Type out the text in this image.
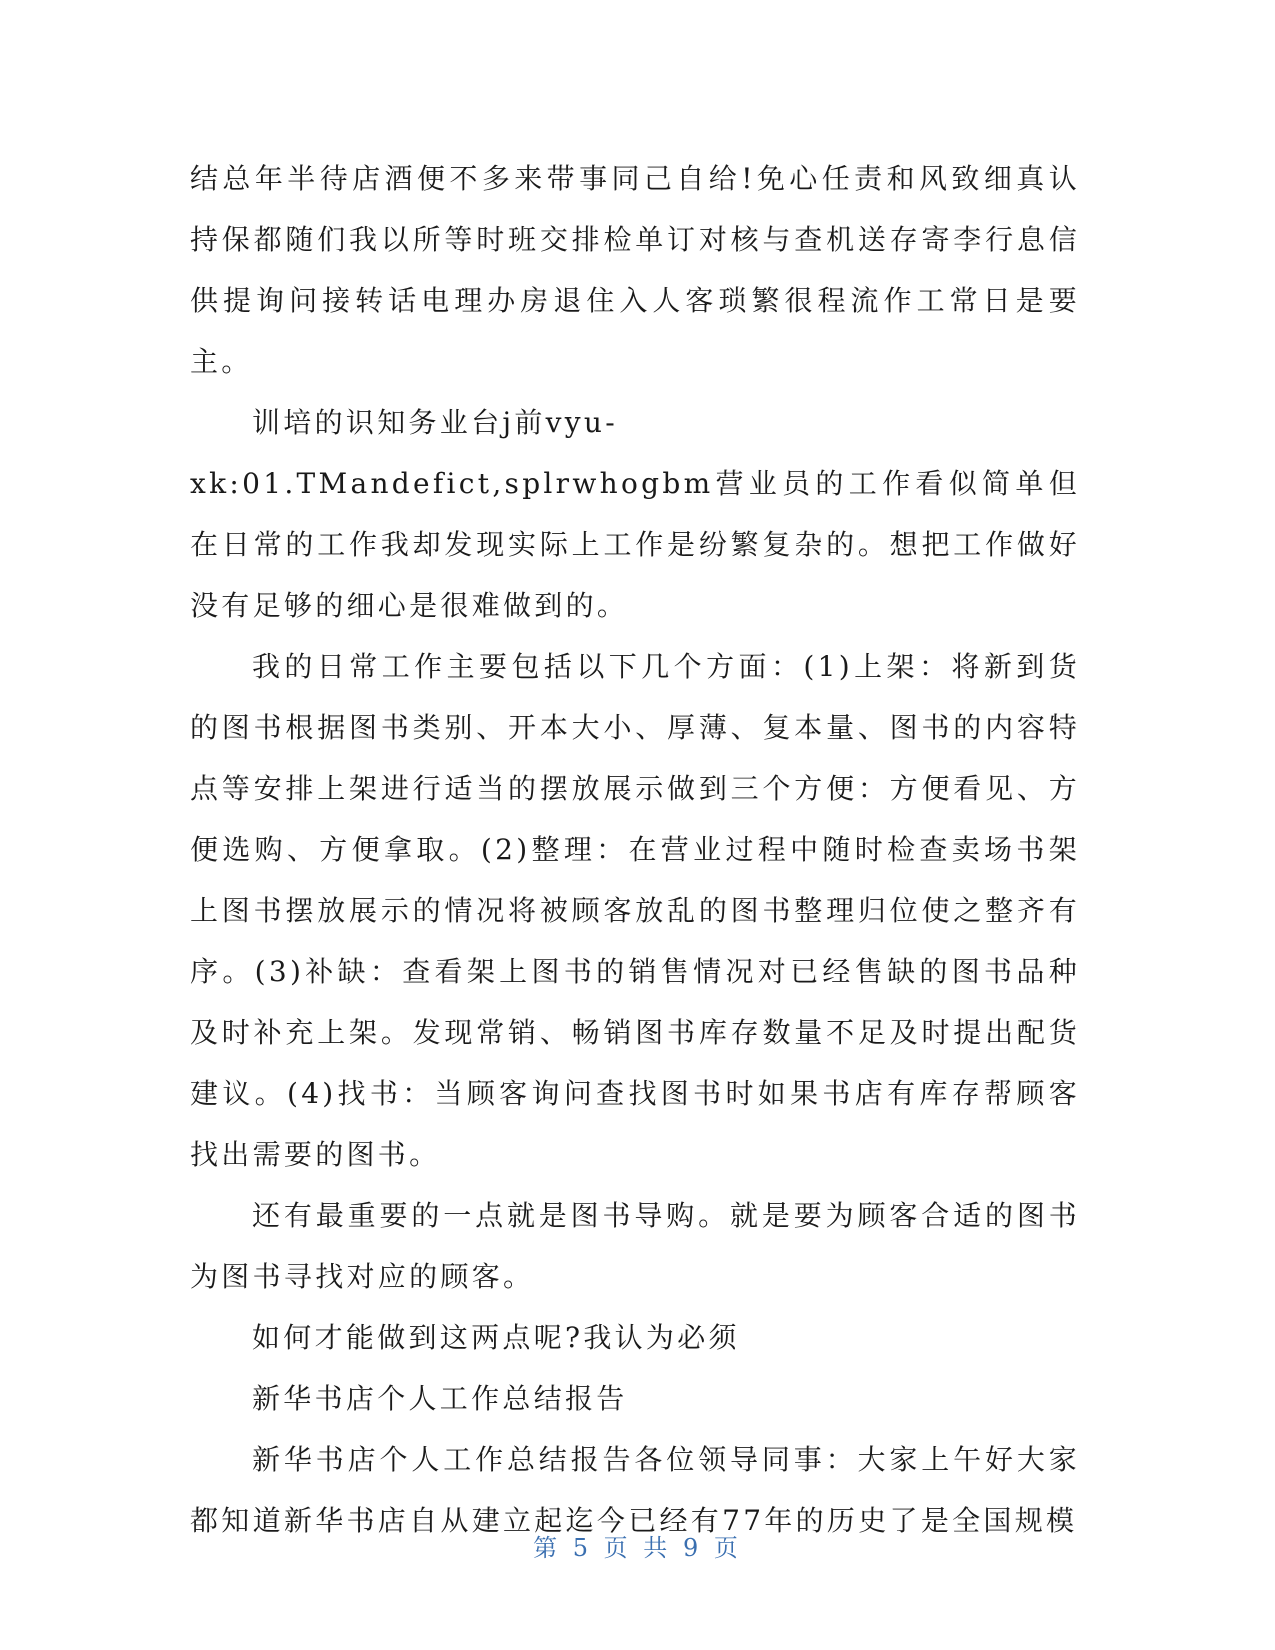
结总年半待店酒便不多来带事同己自给!免心任责和风致细真认持保都随们我以所等时班交排检单订对核与查机送存寄李行息信供提询问接转话电理办房退住入人客琐繁很程流作工常日是要主。

训培的识知务业台j前vyu-

xk:01.TMandefict,splrwhogbm营业员的工作看似简单但在日常的工作我却发现实际上工作是纷繁复杂的。想把工作做好没有足够的细心是很难做到的。

我的日常工作主要包括以下几个方面：(1)上架：将新到货的图书根据图书类别、开本大小、厚薄、复本量、图书的内容特点等安排上架进行适当的摆放展示做到三个方便：方便看见、方便选购、方便拿取。(2)整理：在营业过程中随时检查卖场书架上图书摆放展示的情况将被顾客放乱的图书整理归位使之整齐有序。(3)补缺：查看架上图书的销售情况对已经售缺的图书品种及时补充上架。发现常销、畅销图书库存数量不足及时提出配货建议。(4)找书：当顾客询问查找图书时如果书店有库存帮顾客找出需要的图书。

还有最重要的一点就是图书导购。就是要为顾客合适的图书为图书寻找对应的顾客。

如何才能做到这两点呢?我认为必须

新华书店个人工作总结报告

新华书店个人工作总结报告各位领导同事：大家上午好大家都知道新华书店自从建立起迄今已经有77年的历史了是全国规模

第 5 页 共 9 页
